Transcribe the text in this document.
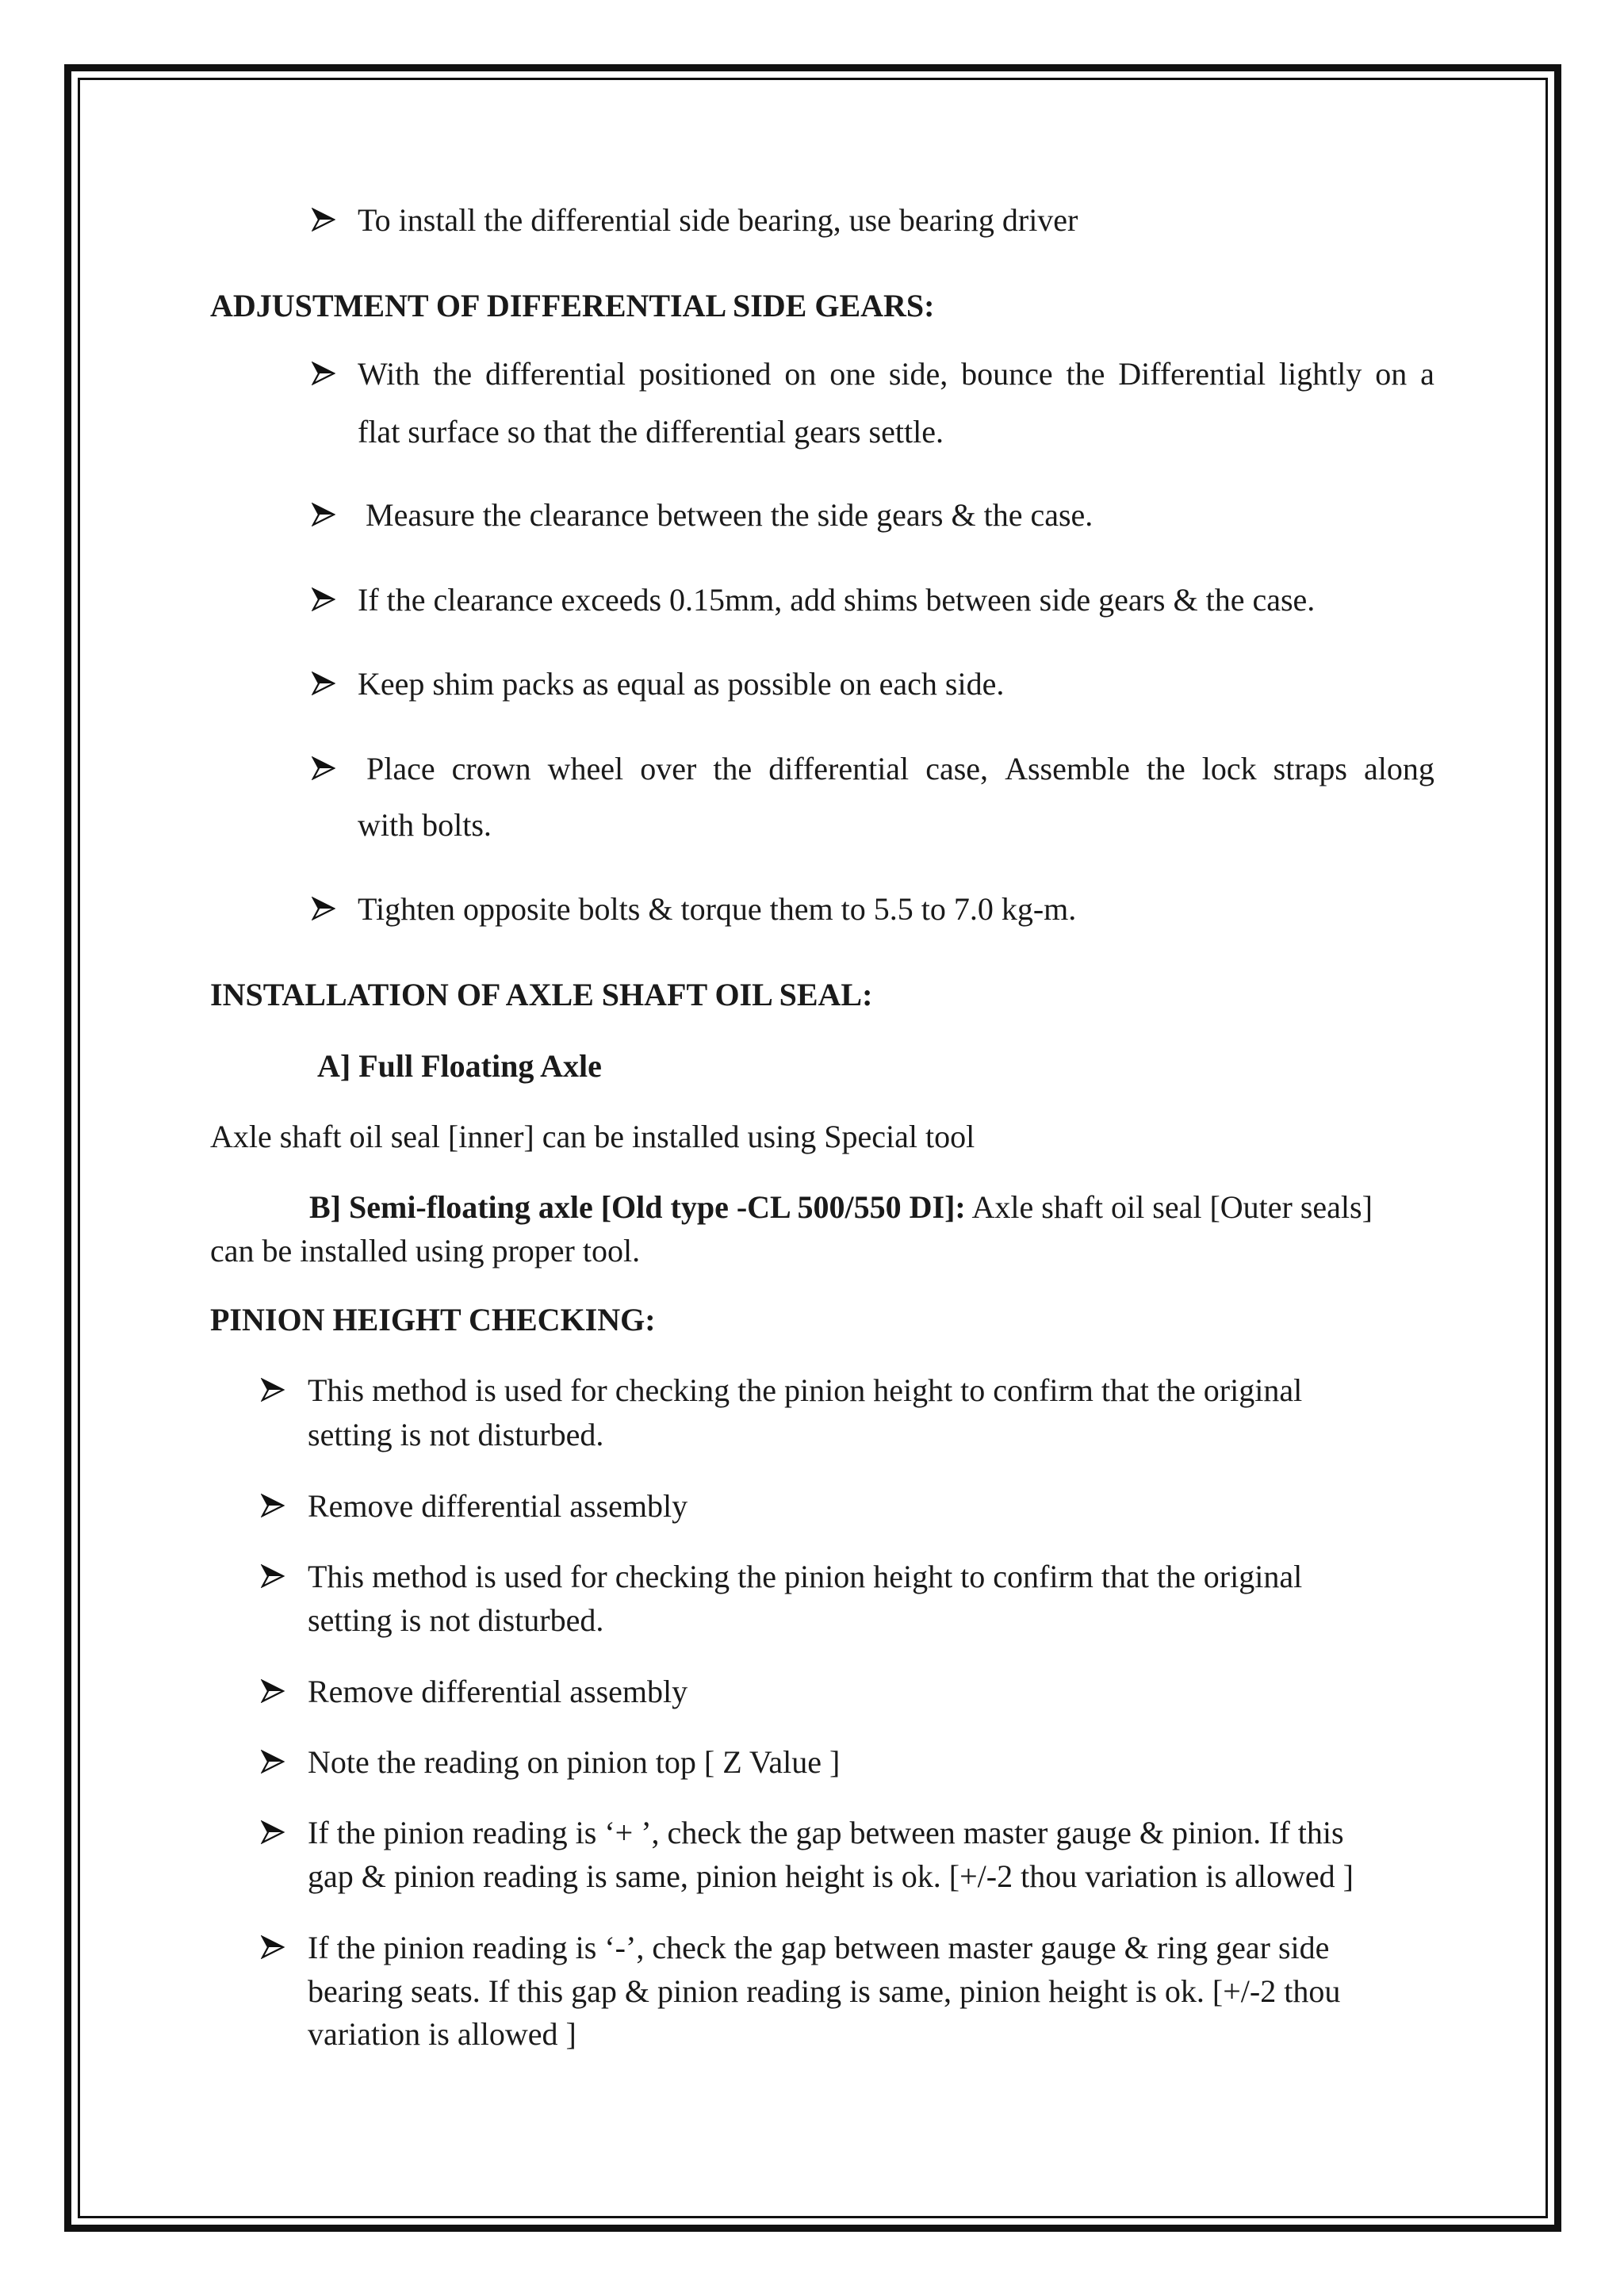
To install the differential side bearing, use bearing driver
ADJUSTMENT OF DIFFERENTIAL SIDE GEARS:
With the differential positioned on one side, bounce the Differential lightly on a
flat surface so that the differential gears settle.
Measure the clearance between the side gears & the case.
If the clearance exceeds 0.15mm, add shims between side gears & the case.
Keep shim packs as equal as possible on each side.
Place crown wheel over the differential case, Assemble the lock straps along
with bolts.
Tighten opposite bolts & torque them to 5.5 to 7.0 kg-m.
INSTALLATION OF AXLE SHAFT OIL SEAL:
A] Full Floating Axle
Axle shaft oil seal [inner] can be installed using Special tool
B] Semi-floating axle [Old type -CL 500/550 DI]: Axle shaft oil seal [Outer seals]
can be installed using proper tool.
PINION HEIGHT CHECKING:
This method is used for checking the pinion height to confirm that the original
setting is not disturbed.
Remove differential assembly
This method is used for checking the pinion height to confirm that the original
setting is not disturbed.
Remove differential assembly
Note the reading on pinion top [ Z Value ]
If the pinion reading is ‘+ ’, check the gap between master gauge & pinion. If this
gap & pinion reading is same, pinion height is ok. [+/-2 thou variation is allowed ]
If the pinion reading is ‘-’, check the gap between master gauge & ring gear side
bearing seats. If this gap & pinion reading is same, pinion height is ok. [+/-2 thou
variation is allowed ]
